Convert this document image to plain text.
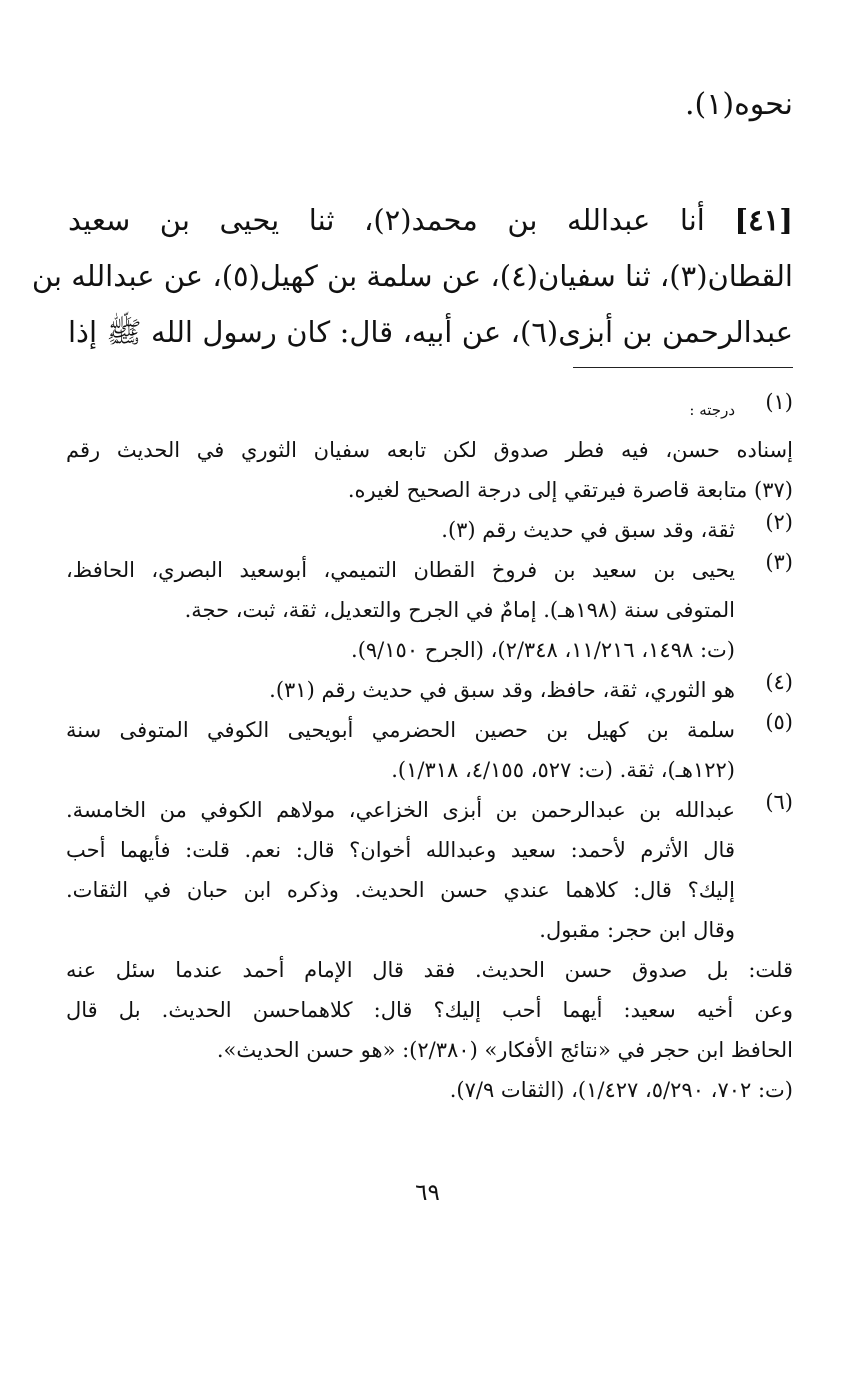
نحوه(١).
[٤١] أنا عبدالله بن محمد(٢)، ثنا يحيى بن سعيد
القطان(٣)، ثنا سفيان(٤)، عن سلمة بن كهيل(٥)، عن عبدالله بن
عبدالرحمن بن أبزى(٦)، عن أبيه، قال: كان رسول الله ﷺ إذا
(١)
درجته :
إسناده حسن، فيه فطر صدوق لكن تابعه سفيان الثوري في الحديث رقم
(٣٧) متابعة قاصرة فيرتقي إلى درجة الصحيح لغيره.
(٢)
ثقة، وقد سبق في حديث رقم (٣).
(٣)
يحيى بن سعيد بن فروخ القطان التميمي، أبوسعيد البصري، الحافظ،
المتوفى سنة (١٩٨هـ). إمامٌ في الجرح والتعديل، ثقة، ثبت، حجة.
(ت: ١٤٩٨، ١١/٢١٦، ٢/٣٤٨)، (الجرح ٩/١٥٠).
(٤)
هو الثوري، ثقة، حافظ، وقد سبق في حديث رقم (٣١).
(٥)
سلمة بن كهيل بن حصين الحضرمي أبويحيى الكوفي المتوفى سنة
(١٢٢هـ)، ثقة. (ت: ٥٢٧، ٤/١٥٥، ١/٣١٨).
(٦)
عبدالله بن عبدالرحمن بن أبزى الخزاعي، مولاهم الكوفي من الخامسة.
قال الأثرم لأحمد: سعيد وعبدالله أخوان؟ قال: نعم. قلت: فأيهما أحب
إليك؟ قال: كلاهما عندي حسن الحديث. وذكره ابن حبان في الثقات.
وقال ابن حجر: مقبول.
قلت: بل صدوق حسن الحديث. فقد قال الإمام أحمد عندما سئل عنه
وعن أخيه سعيد: أيهما أحب إليك؟ قال: كلاهماحسن الحديث. بل قال
الحافظ ابن حجر في «نتائج الأفكار» (٢/٣٨٠): «هو حسن الحديث».
(ت: ٧٠٢، ٥/٢٩٠، ١/٤٢٧)، (الثقات ٧/٩).
٦٩
